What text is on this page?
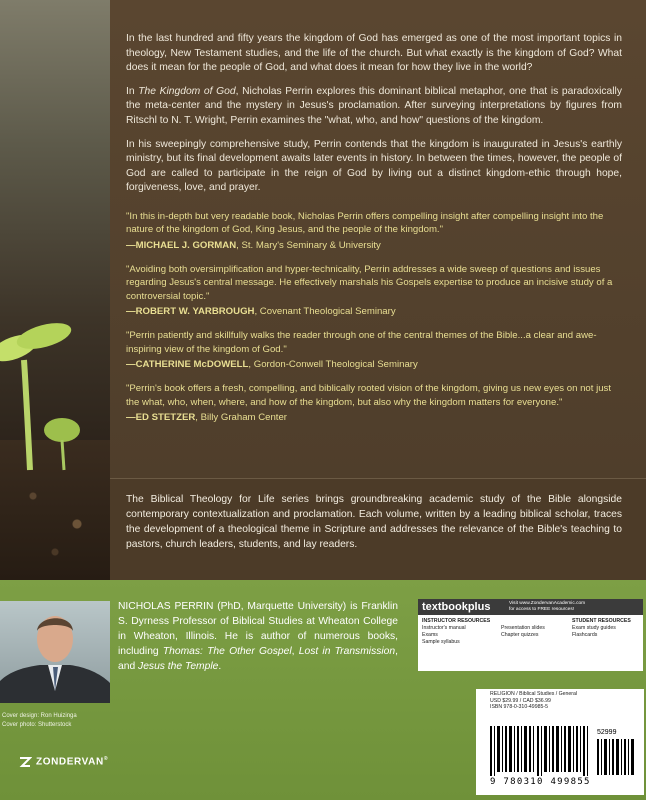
In the last hundred and fifty years the kingdom of God has emerged as one of the most important topics in theology, New Testament studies, and the life of the church. But what exactly is the kingdom of God? What does it mean for the people of God, and what does it mean for how they live in the world?

In The Kingdom of God, Nicholas Perrin explores this dominant biblical metaphor, one that is paradoxically the meta-center and the mystery in Jesus's proclamation. After surveying interpretations by figures from Ritschl to N. T. Wright, Perrin examines the "what, who, and how" questions of the kingdom.

In his sweepingly comprehensive study, Perrin contends that the kingdom is inaugurated in Jesus's earthly ministry, but its final development awaits later events in history. In between the times, however, the people of God are called to participate in the reign of God by living out a distinct kingdom-ethic through hope, forgiveness, love, and prayer.

"In this in-depth but very readable book, Nicholas Perrin offers compelling insight after compelling insight into the nature of the kingdom of God, King Jesus, and the people of the kingdom."

—MICHAEL J. GORMAN, St. Mary's Seminary & University

"Avoiding both oversimplification and hyper-technicality, Perrin addresses a wide sweep of questions and issues regarding Jesus's central message. He effectively marshals his Gospels expertise to produce an incisive study of a controversial topic."

—ROBERT W. YARBROUGH, Covenant Theological Seminary

"Perrin patiently and skillfully walks the reader through one of the central themes of the Bible...a clear and awe-inspiring view of the kingdom of God."

—CATHERINE McDOWELL, Gordon-Conwell Theological Seminary

"Perrin's book offers a fresh, compelling, and biblically rooted vision of the kingdom, giving us new eyes on not just the what, who, when, where, and how of the kingdom, but also why the kingdom matters for everyone."

—ED STETZER, Billy Graham Center

The Biblical Theology for Life series brings groundbreaking academic study of the Bible alongside contemporary contextualization and proclamation. Each volume, written by a leading biblical scholar, traces the development of a theological theme in Scripture and addresses the relevance of the Bible's teaching to pastors, church leaders, students, and lay readers.
NICHOLAS PERRIN (PhD, Marquette University) is Franklin S. Dyrness Professor of Biblical Studies at Wheaton College in Wheaton, Illinois. He is author of numerous books, including Thomas: The Other Gospel, Lost in Transmission, and Jesus the Temple.
Cover design: Ron Huizinga
Cover photo: Shutterstock
ZONDERVAN®
textbookplus	Visit www.ZondervanAcademic.com
for access to FREE resources!
INSTRUCTOR RESOURCES
Instructor's manual
Exams
Sample syllabus
Presentation slides
Chapter quizzes
STUDENT RESOURCES
Exam study guides
Flashcards
RELIGION / Biblical Studies / General
USD $29.99 / CAD $36.99
ISBN 978-0-310-49985-5
52999
9 780310 499855
